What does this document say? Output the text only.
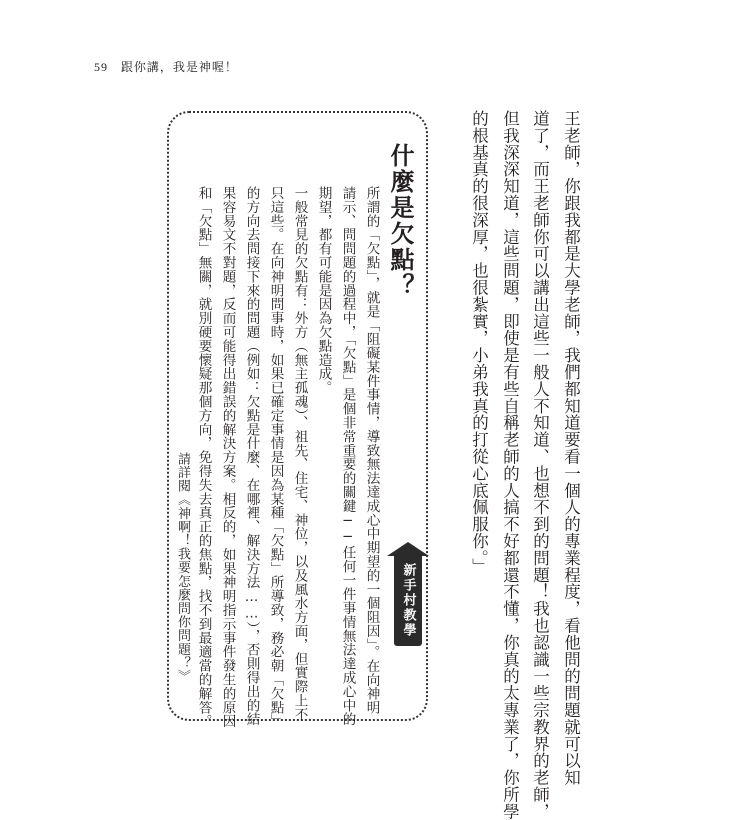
59 跟你講，我是神喔！
王老師，你跟我都是大學老師，我們都知道要看一個人的專業程度，看他問的問題就可以知
道了，而王老師你可以講出這些一般人不知道、也想不到的問題！我也認識一些宗教界的老師，
但我深深知道，這些問題，即使是有些自稱老師的人搞不好都還不懂，你真的太專業了，你所學
的根基真的很深厚，也很紮實，小弟我真的打從心底佩服你。」
什麼是欠點？
所謂的「欠點」，就是「阻礙某件事情，導致無法達成心中期望的一個阻因」。在向神明
請示、問問題的過程中，「欠點」是個非常重要的關鍵──任何一件事情無法達成心中的
期望，都有可能是因為欠點造成。
一般常見的欠點有：外方（無主孤魂）、祖先、住宅、神位，以及風水方面，但實際上不
只這些。在向神明問事時，如果已確定事情是因為某種「欠點」所導致，務必朝「欠點」
的方向去問接下來的問題（例如：欠點是什麼、在哪裡、解決方法……），否則得出的結
果容易文不對題，反而可能得出錯誤的解決方案。相反的，如果神明指示事件發生的原因
和「欠點」無關，就別硬要懷疑那個方向，免得失去真正的焦點，找不到最適當的解答。
請詳閱《神啊！我要怎麼問你問題？》	新手村教學
